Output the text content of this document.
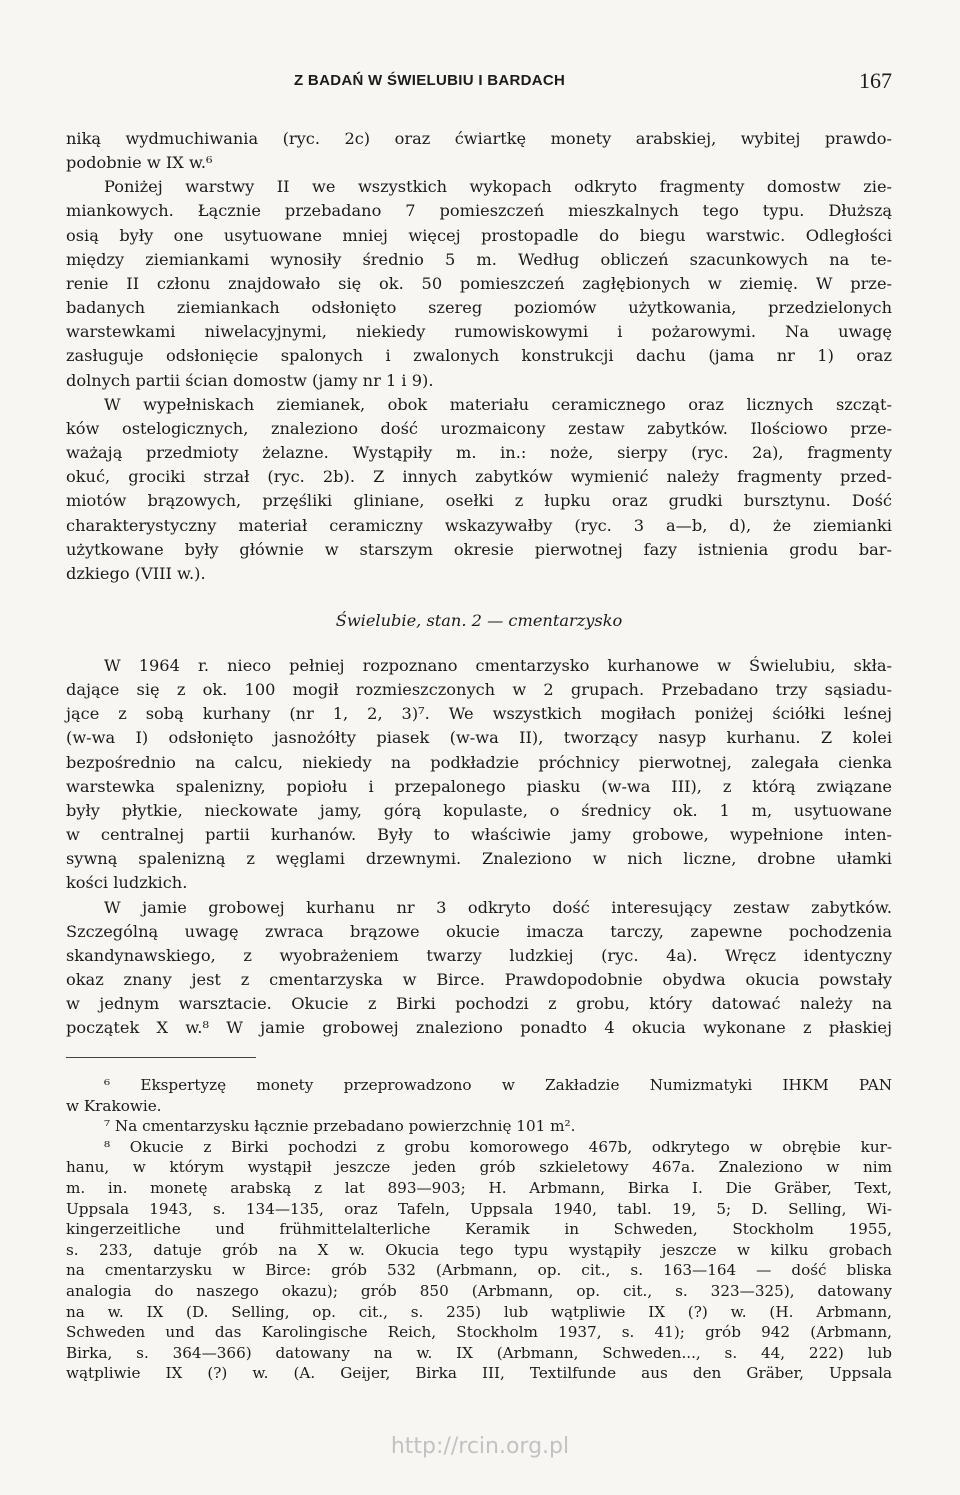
Z BADAŃ W ŚWIELUBIU I BARDACH	167
niką wydmuchiwania (ryc. 2c) oraz ćwiartkę monety arabskiej, wybitej prawdo-
podobnie w IX w.⁶
Poniżej warstwy II we wszystkich wykopach odkryto fragmenty domostw zie-
miankowych. Łącznie przebadano 7 pomieszczeń mieszkalnych tego typu. Dłuższą
osią były one usytuowane mniej więcej prostopadle do biegu warstwic. Odległości
między ziemiankami wynosiły średnio 5 m. Według obliczeń szacunkowych na te-
renie II członu znajdowało się ok. 50 pomieszczeń zagłębionych w ziemię. W prze-
badanych ziemiankach odsłonięto szereg poziomów użytkowania, przedzielonych
warstewkami niwelacyjnymi, niekiedy rumowiskowymi i pożarowymi. Na uwagę
zasługuje odsłonięcie spalonych i zwalonych konstrukcji dachu (jama nr 1) oraz
dolnych partii ścian domostw (jamy nr 1 i 9).
W wypełniskach ziemianek, obok materiału ceramicznego oraz licznych szcząt-
ków ostelogicznych, znaleziono dość urozmaicony zestaw zabytków. Ilościowo prze-
ważają przedmioty żelazne. Wystąpiły m. in.: noże, sierpy (ryc. 2a), fragmenty
okuć, grociki strzał (ryc. 2b). Z innych zabytków wymienić należy fragmenty przed-
miotów brązowych, przęśliki gliniane, osełki z łupku oraz grudki bursztynu. Dość
charakterystyczny materiał ceramiczny wskazywałby (ryc. 3 a—b, d), że ziemianki
użytkowane były głównie w starszym okresie pierwotnej fazy istnienia grodu bar-
dzkiego (VIII w.).
Świelubie, stan. 2 — cmentarzysko
W 1964 r. nieco pełniej rozpoznano cmentarzysko kurhanowe w Świelubiu, skła-
dające się z ok. 100 mogił rozmieszczonych w 2 grupach. Przebadano trzy sąsiadu-
jące z sobą kurhany (nr 1, 2, 3)⁷. We wszystkich mogiłach poniżej ściółki leśnej
(w-wa I) odsłonięto jasnożółty piasek (w-wa II), tworzący nasyp kurhanu. Z kolei
bezpośrednio na calcu, niekiedy na podkładzie próchnicy pierwotnej, zalegała cienka
warstewka spalenizny, popiołu i przepalonego piasku (w-wa III), z którą związane
były płytkie, nieckowate jamy, górą kopulaste, o średnicy ok. 1 m, usytuowane
w centralnej partii kurhanów. Były to właściwie jamy grobowe, wypełnione inten-
sywną spalenizną z węglami drzewnymi. Znaleziono w nich liczne, drobne ułamki
kości ludzkich.
W jamie grobowej kurhanu nr 3 odkryto dość interesujący zestaw zabytków.
Szczególną uwagę zwraca brązowe okucie imacza tarczy, zapewne pochodzenia
skandynawskiego, z wyobrażeniem twarzy ludzkiej (ryc. 4a). Wręcz identyczny
okaz znany jest z cmentarzyska w Birce. Prawdopodobnie obydwa okucia powstały
w jednym warsztacie. Okucie z Birki pochodzi z grobu, który datować należy na
początek X w.⁸ W jamie grobowej znaleziono ponadto 4 okucia wykonane z płaskiej
⁶ Ekspertyzę monety przeprowadzono w Zakładzie Numizmatyki IHKM PAN
w Krakowie.
⁷ Na cmentarzysku łącznie przebadano powierzchnię 101 m².
⁸ Okucie z Birki pochodzi z grobu komorowego 467b, odkrytego w obrębie kur-
hanu, w którym wystąpił jeszcze jeden grób szkieletowy 467a. Znaleziono w nim
m. in. monetę arabską z lat 893—903; H. Arbmann, Birka I. Die Gräber, Text,
Uppsala 1943, s. 134—135, oraz Tafeln, Uppsala 1940, tabl. 19, 5; D. Selling, Wi-
kingerzeitliche und frühmittelalterliche Keramik in Schweden, Stockholm 1955,
s. 233, datuje grób na X w. Okucia tego typu wystąpiły jeszcze w kilku grobach
na cmentarzysku w Birce: grób 532 (Arbmann, op. cit., s. 163—164 — dość bliska
analogia do naszego okazu); grób 850 (Arbmann, op. cit., s. 323—325), datowany
na w. IX (D. Selling, op. cit., s. 235) lub wątpliwie IX (?) w. (H. Arbmann,
Schweden und das Karolingische Reich, Stockholm 1937, s. 41); grób 942 (Arbmann,
Birka, s. 364—366) datowany na w. IX (Arbmann, Schweden..., s. 44, 222) lub
wątpliwie IX (?) w. (A. Geijer, Birka III, Textilfunde aus den Gräber, Uppsala
http://rcin.org.pl
